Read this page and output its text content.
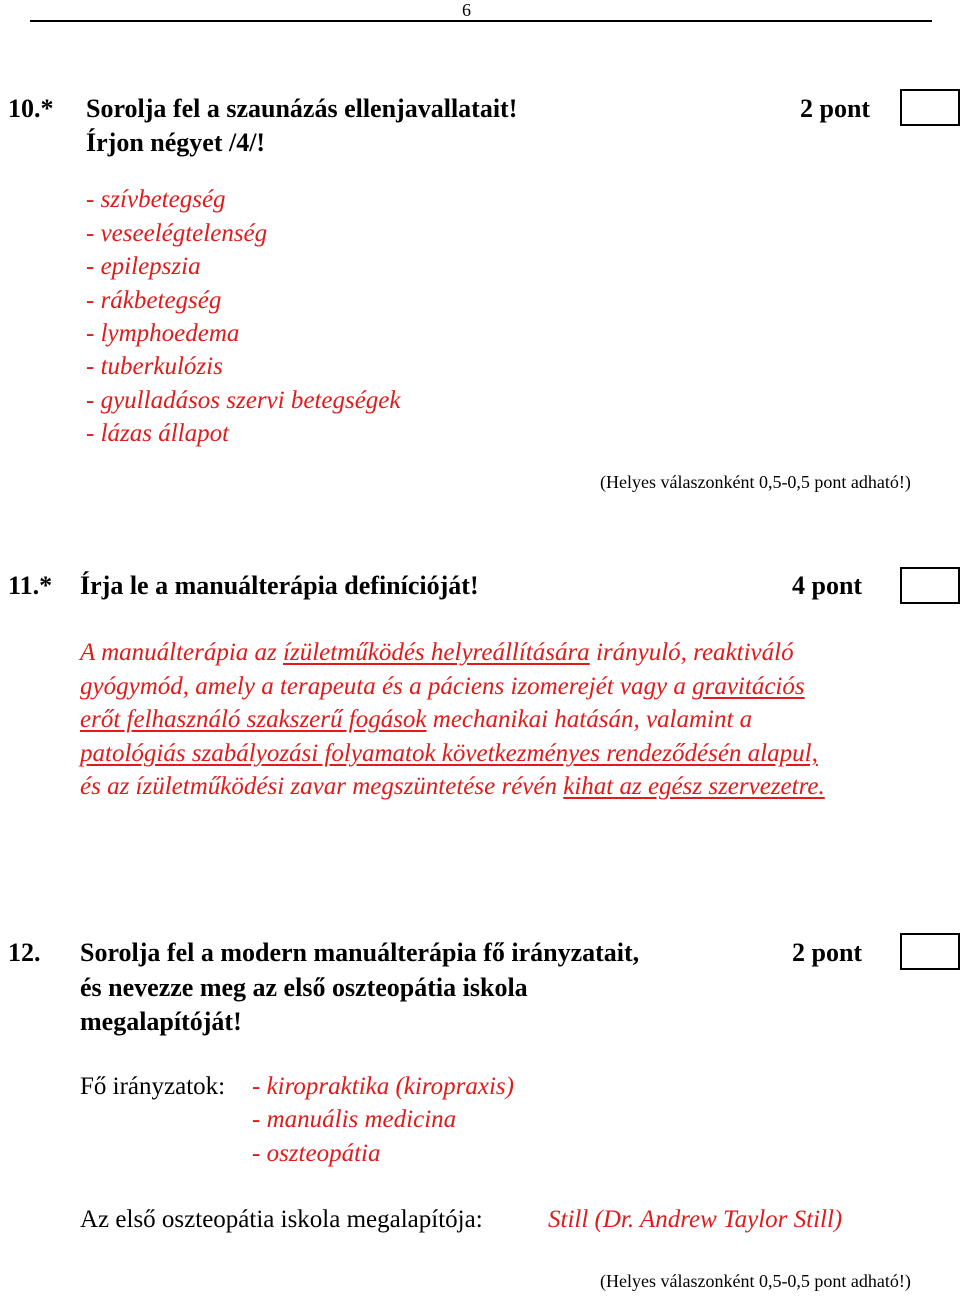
6
10.* Sorolja fel a szaunázás ellenjavallatait!
Írjon négyet /4/!
2 pont
- szívbetegség
- veseelégtelenség
- epilepszia
- rákbetegség
- lymphoedema
- tuberkulózis
- gyulladásos szervi betegségek
- lázas állapot
(Helyes válaszonként 0,5-0,5 pont adható!)
11.* Írja le a manuálterápia definícióját!	4 pont
A manuálterápia az ízületműködés helyreállítására irányuló, reaktiváló
gyógymód, amely a terapeuta és a páciens izomerejét vagy a gravitációs
erőt felhasználó szakszerű fogások mechanikai hatásán, valamint a
patológiás szabályozási folyamatok következményes rendeződésén alapul,
és az ízületműködési zavar megszüntetése révén kihat az egész szervezetre.
12. Sorolja fel a modern manuálterápia fő irányzatait,
és nevezze meg az első oszteopátia iskola
megalapítóját!
2 pont
Fő irányzatok: - kiropraktika (kiropraxis)
- manuális medicina
- oszteopátia
Az első oszteopátia iskola megalapítója:	Still (Dr. Andrew Taylor Still)
(Helyes válaszonként 0,5-0,5 pont adható!)
